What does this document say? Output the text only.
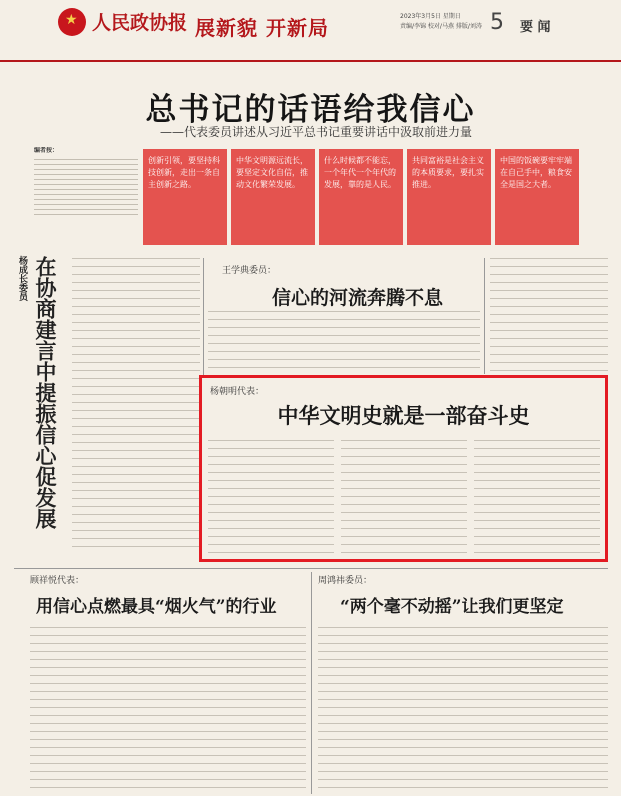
★
人民政协报 展新貌 开新局	2023年3月5日 星期日
责编/李锦 校对/马燕 排版/刘涛 5 要 闻
总书记的话语给我信心
——代表委员讲述从习近平总书记重要讲话中汲取前进力量
编者按：
创新引领，要坚持科技创新，走出一条自主创新之路。
中华文明源远流长，要坚定文化自信，推动文化繁荣发展。
什么时候都不能忘，一个年代一个年代的发展，靠的是人民。
共同富裕是社会主义的本质要求，要扎实推进。
中国的饭碗要牢牢端在自己手中，粮食安全是国之大者。
杨成长委员 在协商建言中提振信心促发展	王学典委员：
信心的河流奔腾不息
杨朝明代表：
中华文明史就是一部奋斗史
顾祥悦代表：
用信心点燃最具“烟火气”的行业
周鸿祎委员：
“两个毫不动摇”让我们更坚定
